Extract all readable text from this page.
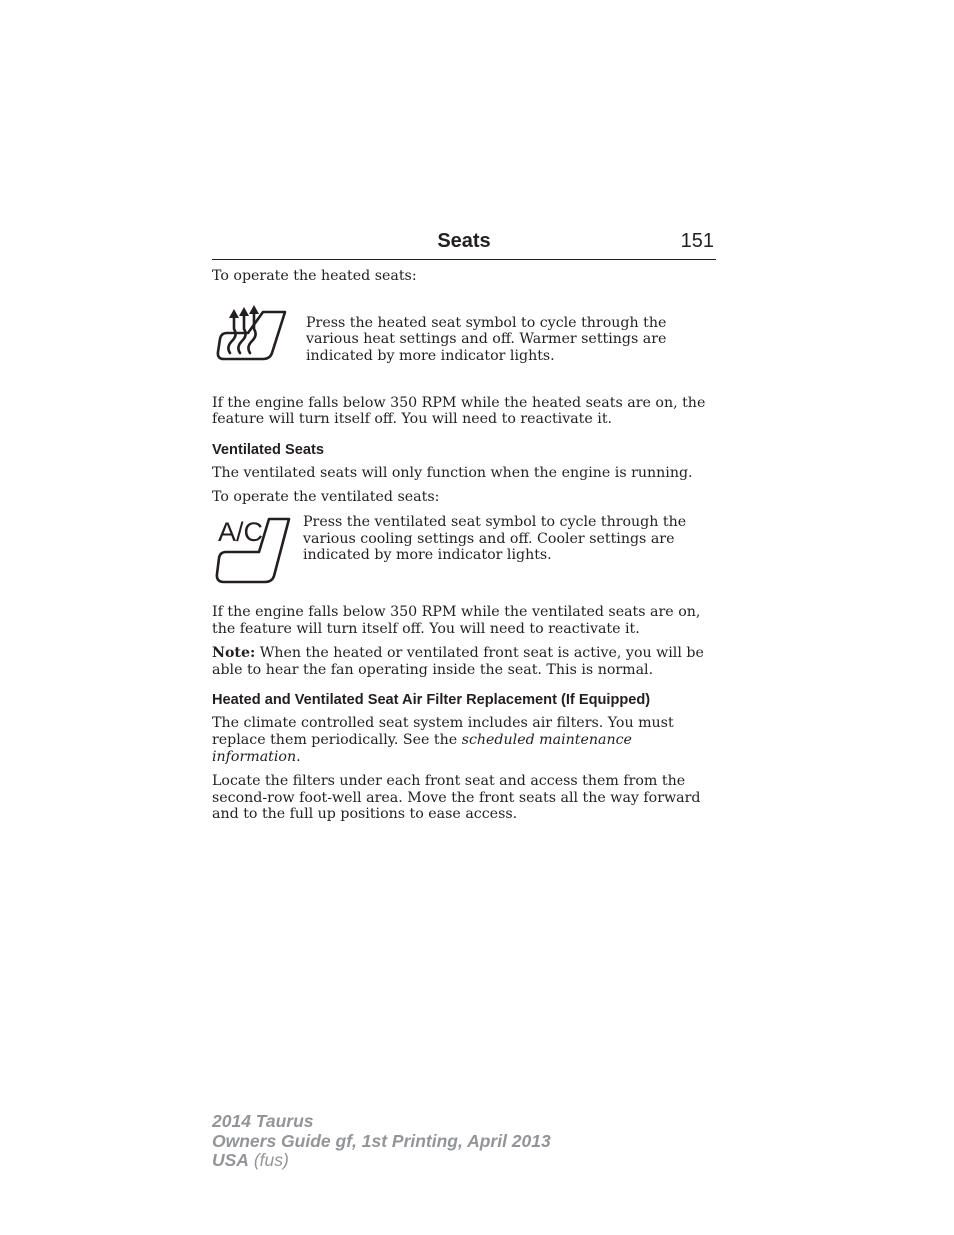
Seats	151

To operate the heated seats:

Press the heated seat symbol to cycle through the various heat settings and off. Warmer settings are indicated by more indicator lights.

If the engine falls below 350 RPM while the heated seats are on, the feature will turn itself off. You will need to reactivate it.

Ventilated Seats

The ventilated seats will only function when the engine is running.

To operate the ventilated seats:

A/C	Press the ventilated seat symbol to cycle through the various cooling settings and off. Cooler settings are indicated by more indicator lights.

If the engine falls below 350 RPM while the ventilated seats are on, the feature will turn itself off. You will need to reactivate it.

Note: When the heated or ventilated front seat is active, you will be able to hear the fan operating inside the seat. This is normal.

Heated and Ventilated Seat Air Filter Replacement (If Equipped)

The climate controlled seat system includes air filters. You must replace them periodically. See the scheduled maintenance information.

Locate the filters under each front seat and access them from the second-row foot-well area. Move the front seats all the way forward and to the full up positions to ease access.

2014 Taurus
Owners Guide gf, 1st Printing, April 2013
USA (fus)
